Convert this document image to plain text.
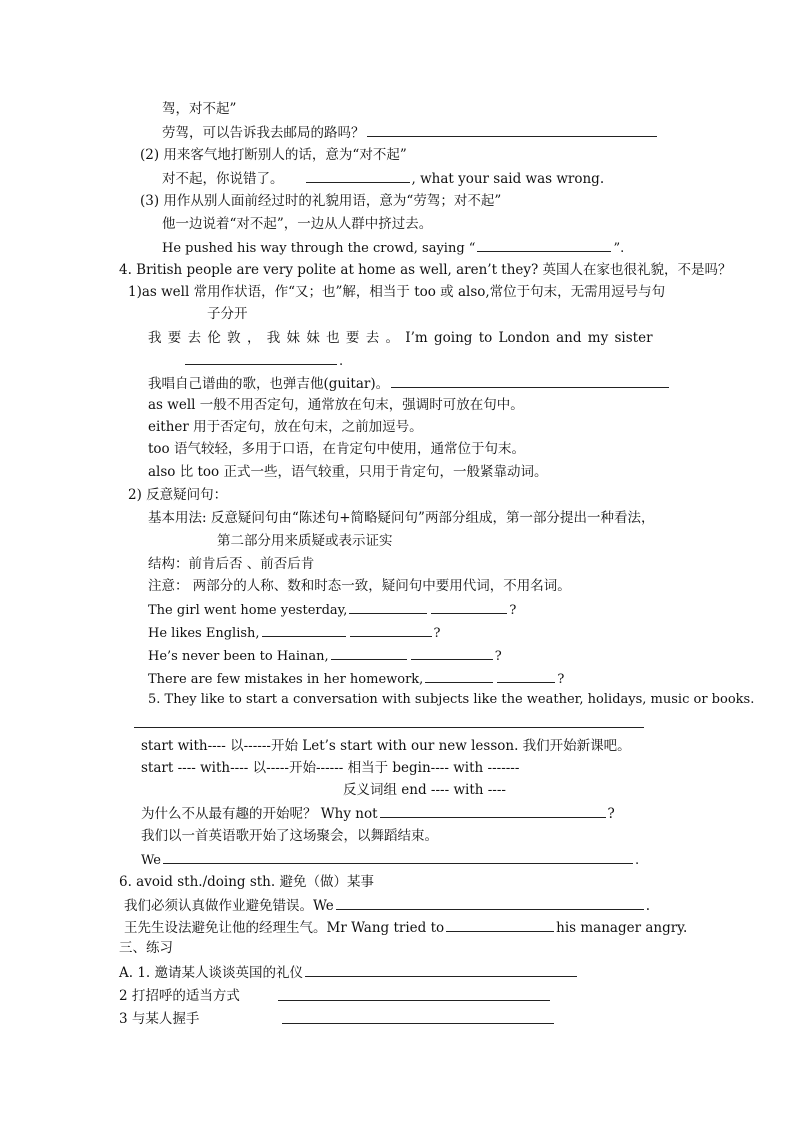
驾，对不起”
劳驾，可以告诉我去邮局的路吗？
(2) 用来客气地打断别人的话，意为“对不起”
对不起，你说错了。	, what your said was wrong.
(3) 用作从别人面前经过时的礼貌用语，意为“劳驾；对不起”
他一边说着“对不起”，一边从人群中挤过去。
He pushed his way through the crowd, saying “	”.
4. British people are very polite at home as well, aren’t they? 英国人在家也很礼貌，不是吗？
1)as well 常用作状语，作“又；也”解，相当于 too 或 also,常位于句末，无需用逗号与句
子分开
我 要 去 伦 敦 ， 我 妹 妹 也 要 去 。 I’m going to London and my sister
.
我唱自己谱曲的歌，也弹吉他(guitar)。
as well 一般不用否定句，通常放在句末，强调时可放在句中。
either 用于否定句，放在句末，之前加逗号。
too 语气较轻，多用于口语，在肯定句中使用，通常位于句末。
also 比 too 正式一些，语气较重，只用于肯定句，一般紧靠动词。
2) 反意疑问句：
基本用法: 反意疑问句由“陈述句+简略疑问句”两部分组成，第一部分提出一种看法，
第二部分用来质疑或表示证实
结构：前肯后否 、前否后肯
注意： 两部分的人称、数和时态一致，疑问句中要用代词，不用名词。
The girl went home yesterday,	?
He likes English,	?
He’s never been to Hainan,	?
There are few mistakes in her homework,	?
5. They like to start a conversation with subjects like the weather, holidays, music or books.
start with---- 以------开始 Let’s start with our new lesson. 我们开始新课吧。
start ---- with---- 以-----开始------ 相当于 begin---- with -------
反义词组 end ---- with ----
为什么不从最有趣的开始呢？ Why not	?
我们以一首英语歌开始了这场聚会，以舞蹈结束。
We	.
6. avoid sth./doing sth. 避免（做）某事
我们必须认真做作业避免错误。We	.
王先生设法避免让他的经理生气。Mr Wang tried to	his manager angry.
三、练习
A. 1. 邀请某人谈谈英国的礼仪
2 打招呼的适当方式
3 与某人握手
